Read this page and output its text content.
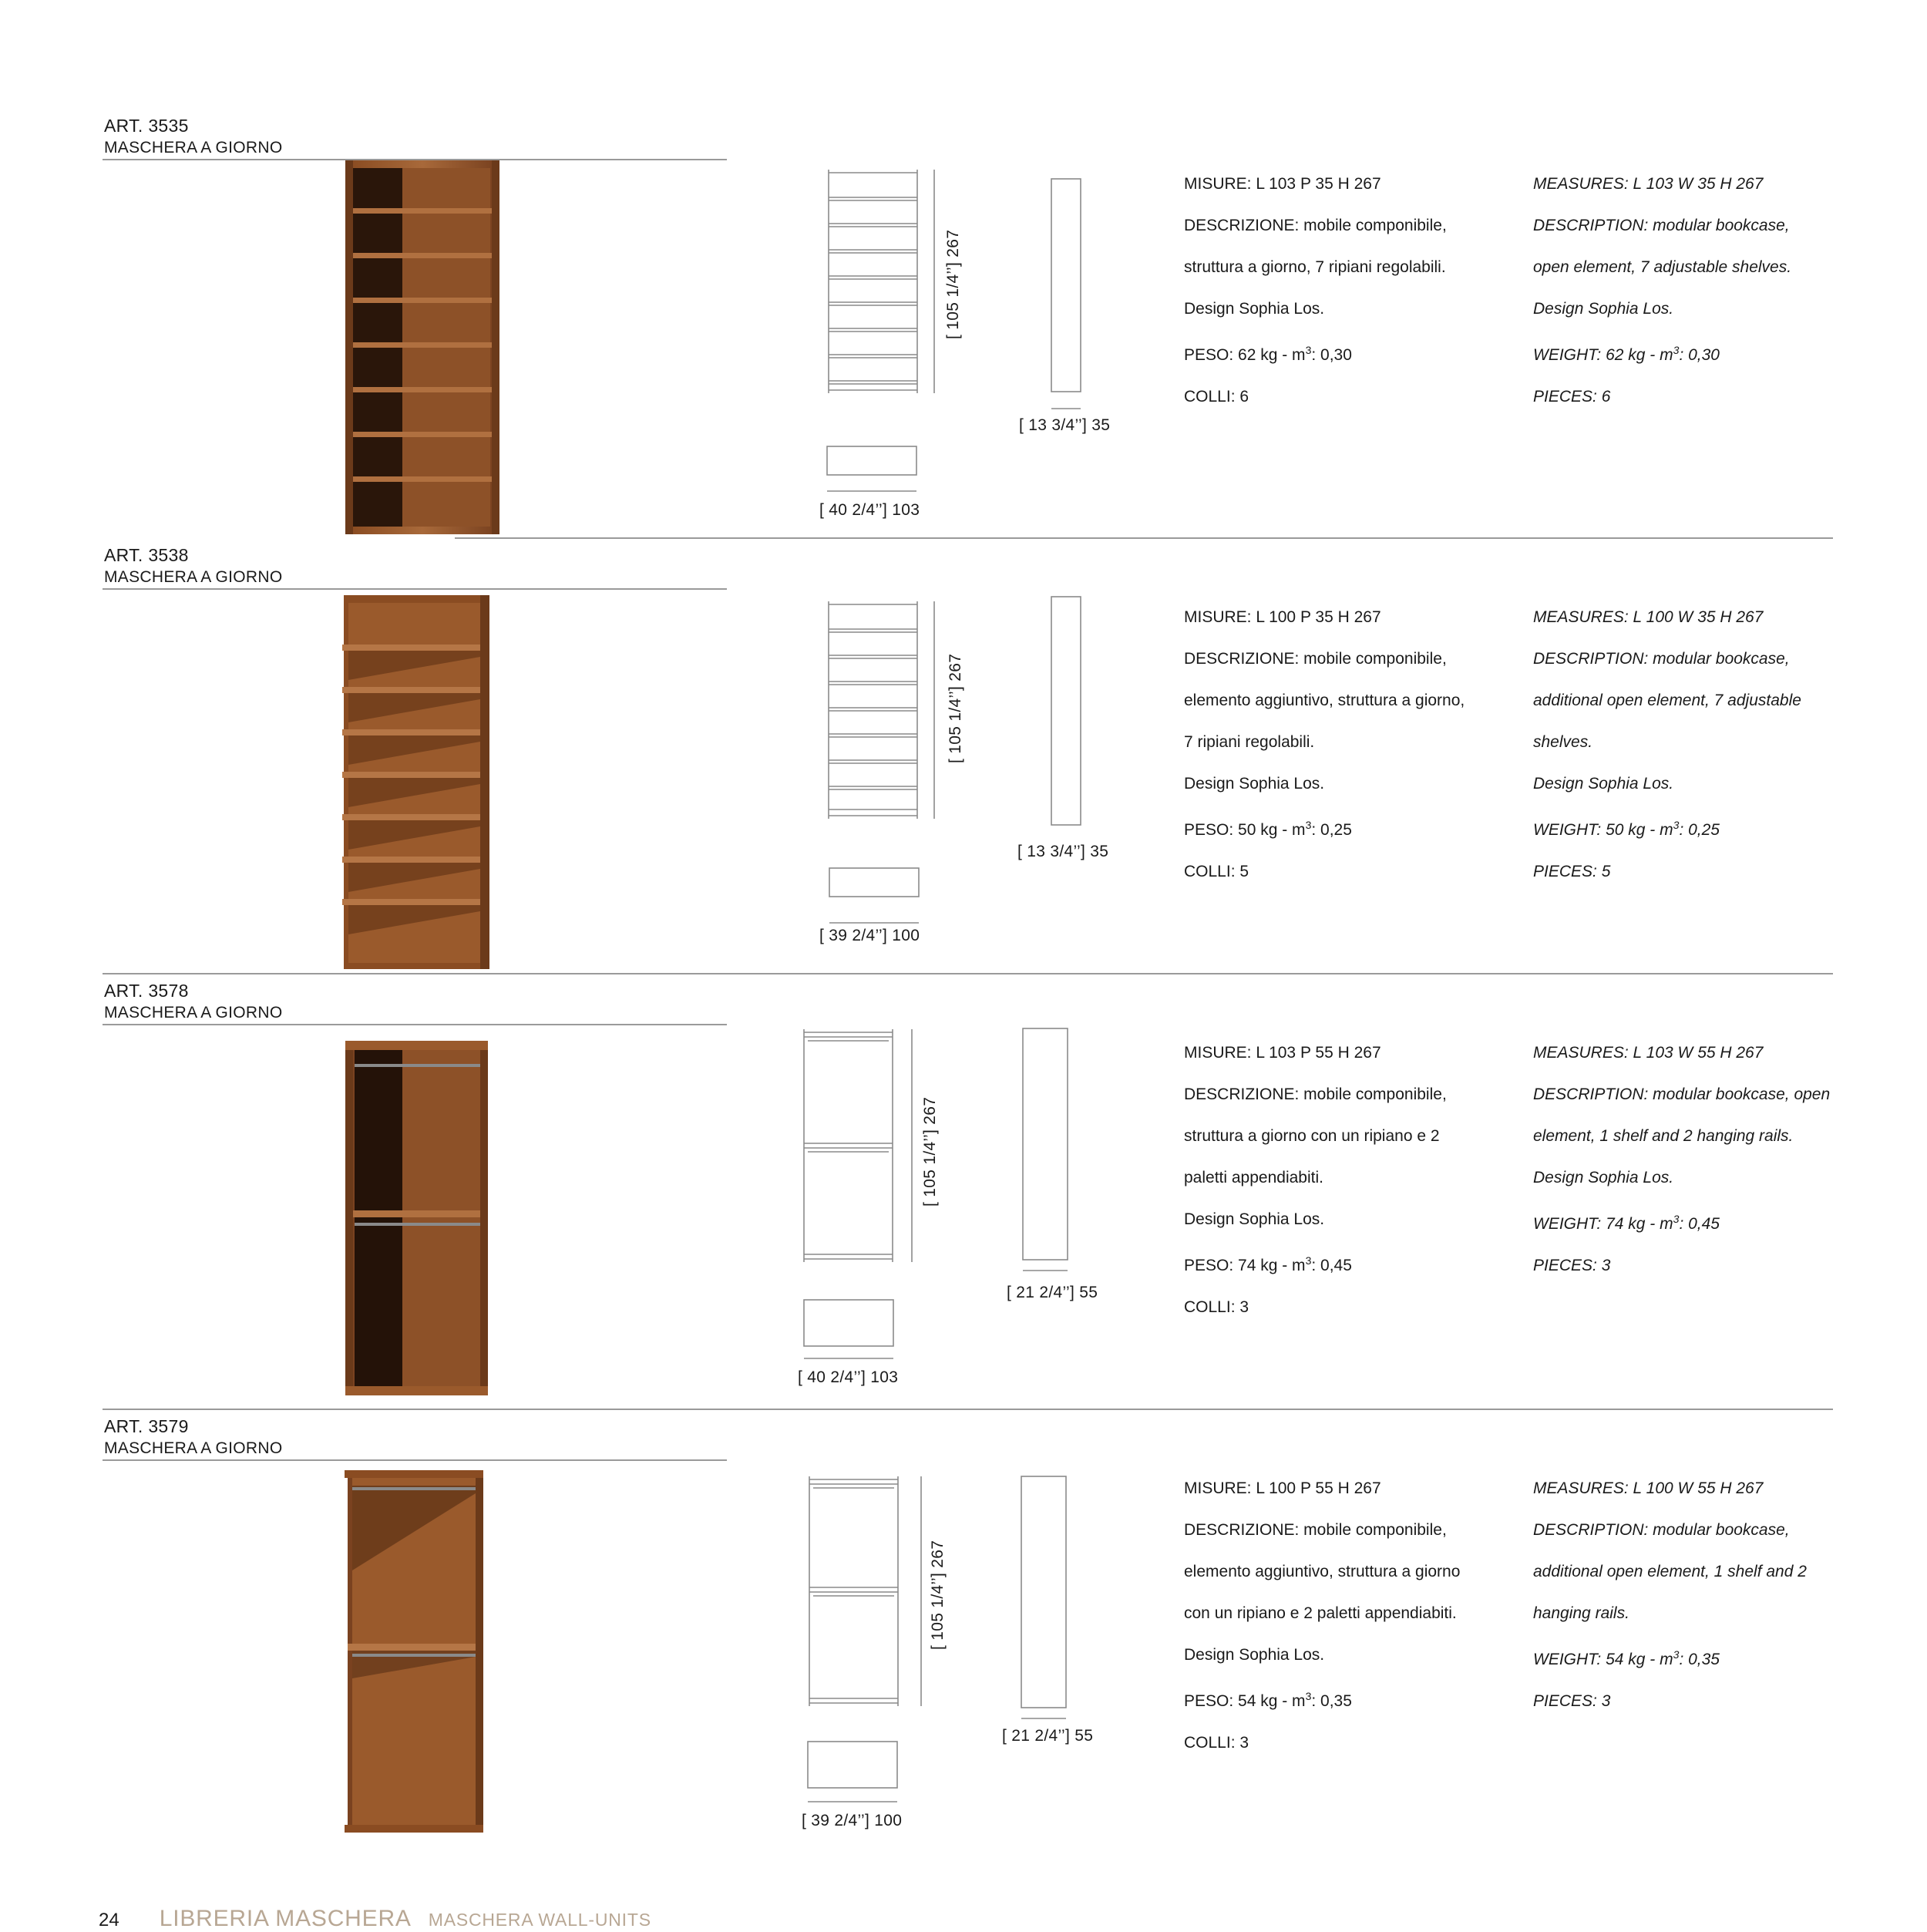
ART. 3535
MASCHERA A GIORNO
[ 105 1/4’’] 267
[ 13 3/4’’] 35
[ 40 2/4’’] 103

MISURE: L 103 P 35 H 267

DESCRIZIONE: mobile componibile,

struttura a giorno, 7 ripiani regolabili.

Design Sophia Los.

PESO: 62 kg - $m^3$: 0,30

COLLI: 6

MEASURES: L 103 W 35 H 267

DESCRIPTION: modular bookcase,

open element, 7 adjustable shelves.

Design Sophia Los.

WEIGHT: 62 kg - $m^3$: 0,30

PIECES: 6

ART. 3538
MASCHERA A GIORNO
[ 105 1/4’’] 267
[ 13 3/4’’] 35
[ 39 2/4’’] 100

MISURE: L 100 P 35 H 267

DESCRIZIONE: mobile componibile,

elemento aggiuntivo, struttura a giorno,

7 ripiani regolabili.

Design Sophia Los.

PESO: 50 kg - $m^3$: 0,25

COLLI: 5

MEASURES: L 100 W 35 H 267

DESCRIPTION: modular bookcase,

additional open element, 7 adjustable

shelves.

Design Sophia Los.

WEIGHT: 50 kg - $m^3$: 0,25

PIECES: 5

ART. 3578
MASCHERA A GIORNO
[ 105 1/4’’] 267
[ 21 2/4’’] 55
[ 40 2/4’’] 103

MISURE: L 103 P 55 H 267

DESCRIZIONE: mobile componibile,

struttura a giorno con un ripiano e 2

paletti appendiabiti.

Design Sophia Los.

PESO: 74 kg - $m^3$: 0,45

COLLI: 3

MEASURES: L 103 W 55 H 267

DESCRIPTION: modular bookcase, open

element, 1 shelf and 2 hanging rails.

Design Sophia Los.

WEIGHT: 74 kg - $m^3$: 0,45

PIECES: 3

ART. 3579
MASCHERA A GIORNO
[ 105 1/4’’] 267
[ 21 2/4’’] 55
[ 39 2/4’’] 100

MISURE: L 100 P 55 H 267

DESCRIZIONE: mobile componibile,

elemento aggiuntivo, struttura a giorno

con un ripiano e 2 paletti appendiabiti.

Design Sophia Los.

PESO: 54 kg - $m^3$: 0,35

COLLI: 3

MEASURES: L 100 W 55 H 267

DESCRIPTION: modular bookcase,

additional open element, 1 shelf and 2

hanging rails.

WEIGHT: 54 kg - $m^3$: 0,35

PIECES: 3

24 LIBRERIA MASCHERA MASCHERA WALL-UNITS
